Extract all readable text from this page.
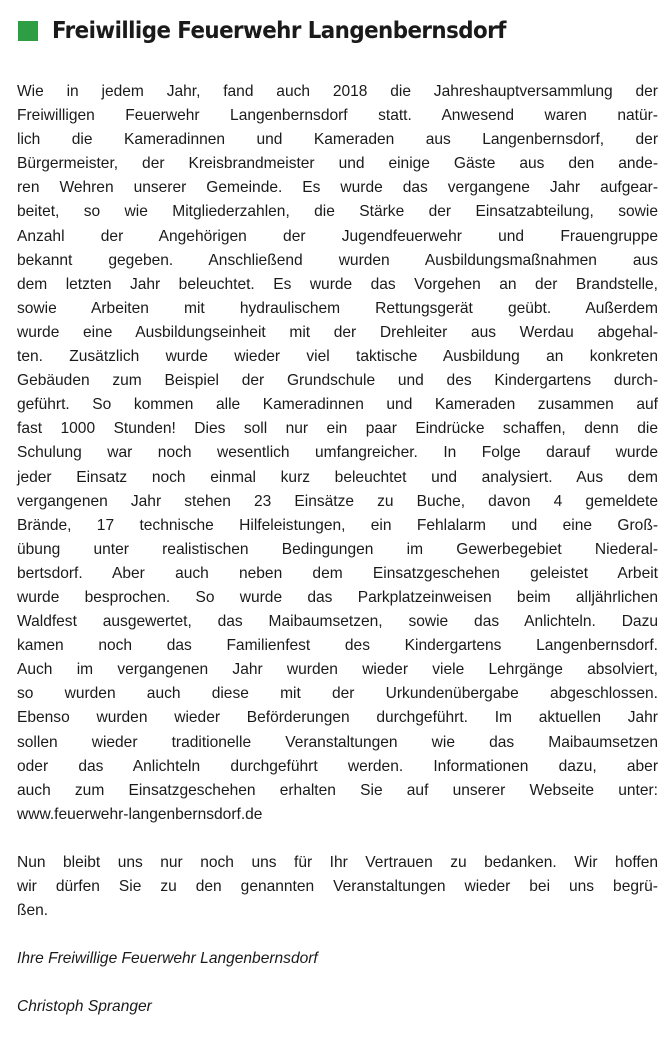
Freiwillige Feuerwehr Langenbernsdorf
Wie in jedem Jahr, fand auch 2018 die Jahreshauptversammlung der
Freiwilligen Feuerwehr Langenbernsdorf statt. Anwesend waren natür-
lich die Kameradinnen und Kameraden aus Langenbernsdorf, der
Bürgermeister, der Kreisbrandmeister und einige Gäste aus den ande-
ren Wehren unserer Gemeinde. Es wurde das vergangene Jahr aufgear-
beitet, so wie Mitgliederzahlen, die Stärke der Einsatzabteilung, sowie
Anzahl der Angehörigen der Jugendfeuerwehr und Frauengruppe
bekannt gegeben. Anschließend wurden Ausbildungsmaßnahmen aus
dem letzten Jahr beleuchtet. Es wurde das Vorgehen an der Brandstelle,
sowie Arbeiten mit hydraulischem Rettungsgerät geübt. Außerdem
wurde eine Ausbildungseinheit mit der Drehleiter aus Werdau abgehal-
ten. Zusätzlich wurde wieder viel taktische Ausbildung an konkreten
Gebäuden zum Beispiel der Grundschule und des Kindergartens durch-
geführt. So kommen alle Kameradinnen und Kameraden zusammen auf
fast 1000 Stunden! Dies soll nur ein paar Eindrücke schaffen, denn die
Schulung war noch wesentlich umfangreicher. In Folge darauf wurde
jeder Einsatz noch einmal kurz beleuchtet und analysiert. Aus dem
vergangenen Jahr stehen 23 Einsätze zu Buche, davon 4 gemeldete
Brände, 17 technische Hilfeleistungen, ein Fehlalarm und eine Groß-
übung unter realistischen Bedingungen im Gewerbegebiet Niederal-
bertsdorf. Aber auch neben dem Einsatzgeschehen geleistet Arbeit
wurde besprochen. So wurde das Parkplatzeinweisen beim alljährlichen
Waldfest ausgewertet, das Maibaumsetzen, sowie das Anlichteln. Dazu
kamen noch das Familienfest des Kindergartens Langenbernsdorf.
Auch im vergangenen Jahr wurden wieder viele Lehrgänge absolviert,
so wurden auch diese mit der Urkundenübergabe abgeschlossen.
Ebenso wurden wieder Beförderungen durchgeführt. Im aktuellen Jahr
sollen wieder traditionelle Veranstaltungen wie das Maibaumsetzen
oder das Anlichteln durchgeführt werden. Informationen dazu, aber
auch zum Einsatzgeschehen erhalten Sie auf unserer Webseite unter:
www.feuerwehr-langenbernsdorf.de
Nun bleibt uns nur noch uns für Ihr Vertrauen zu bedanken. Wir hoffen
wir dürfen Sie zu den genannten Veranstaltungen wieder bei uns begrü-
ßen.
Ihre Freiwillige Feuerwehr Langenbernsdorf
Christoph Spranger
